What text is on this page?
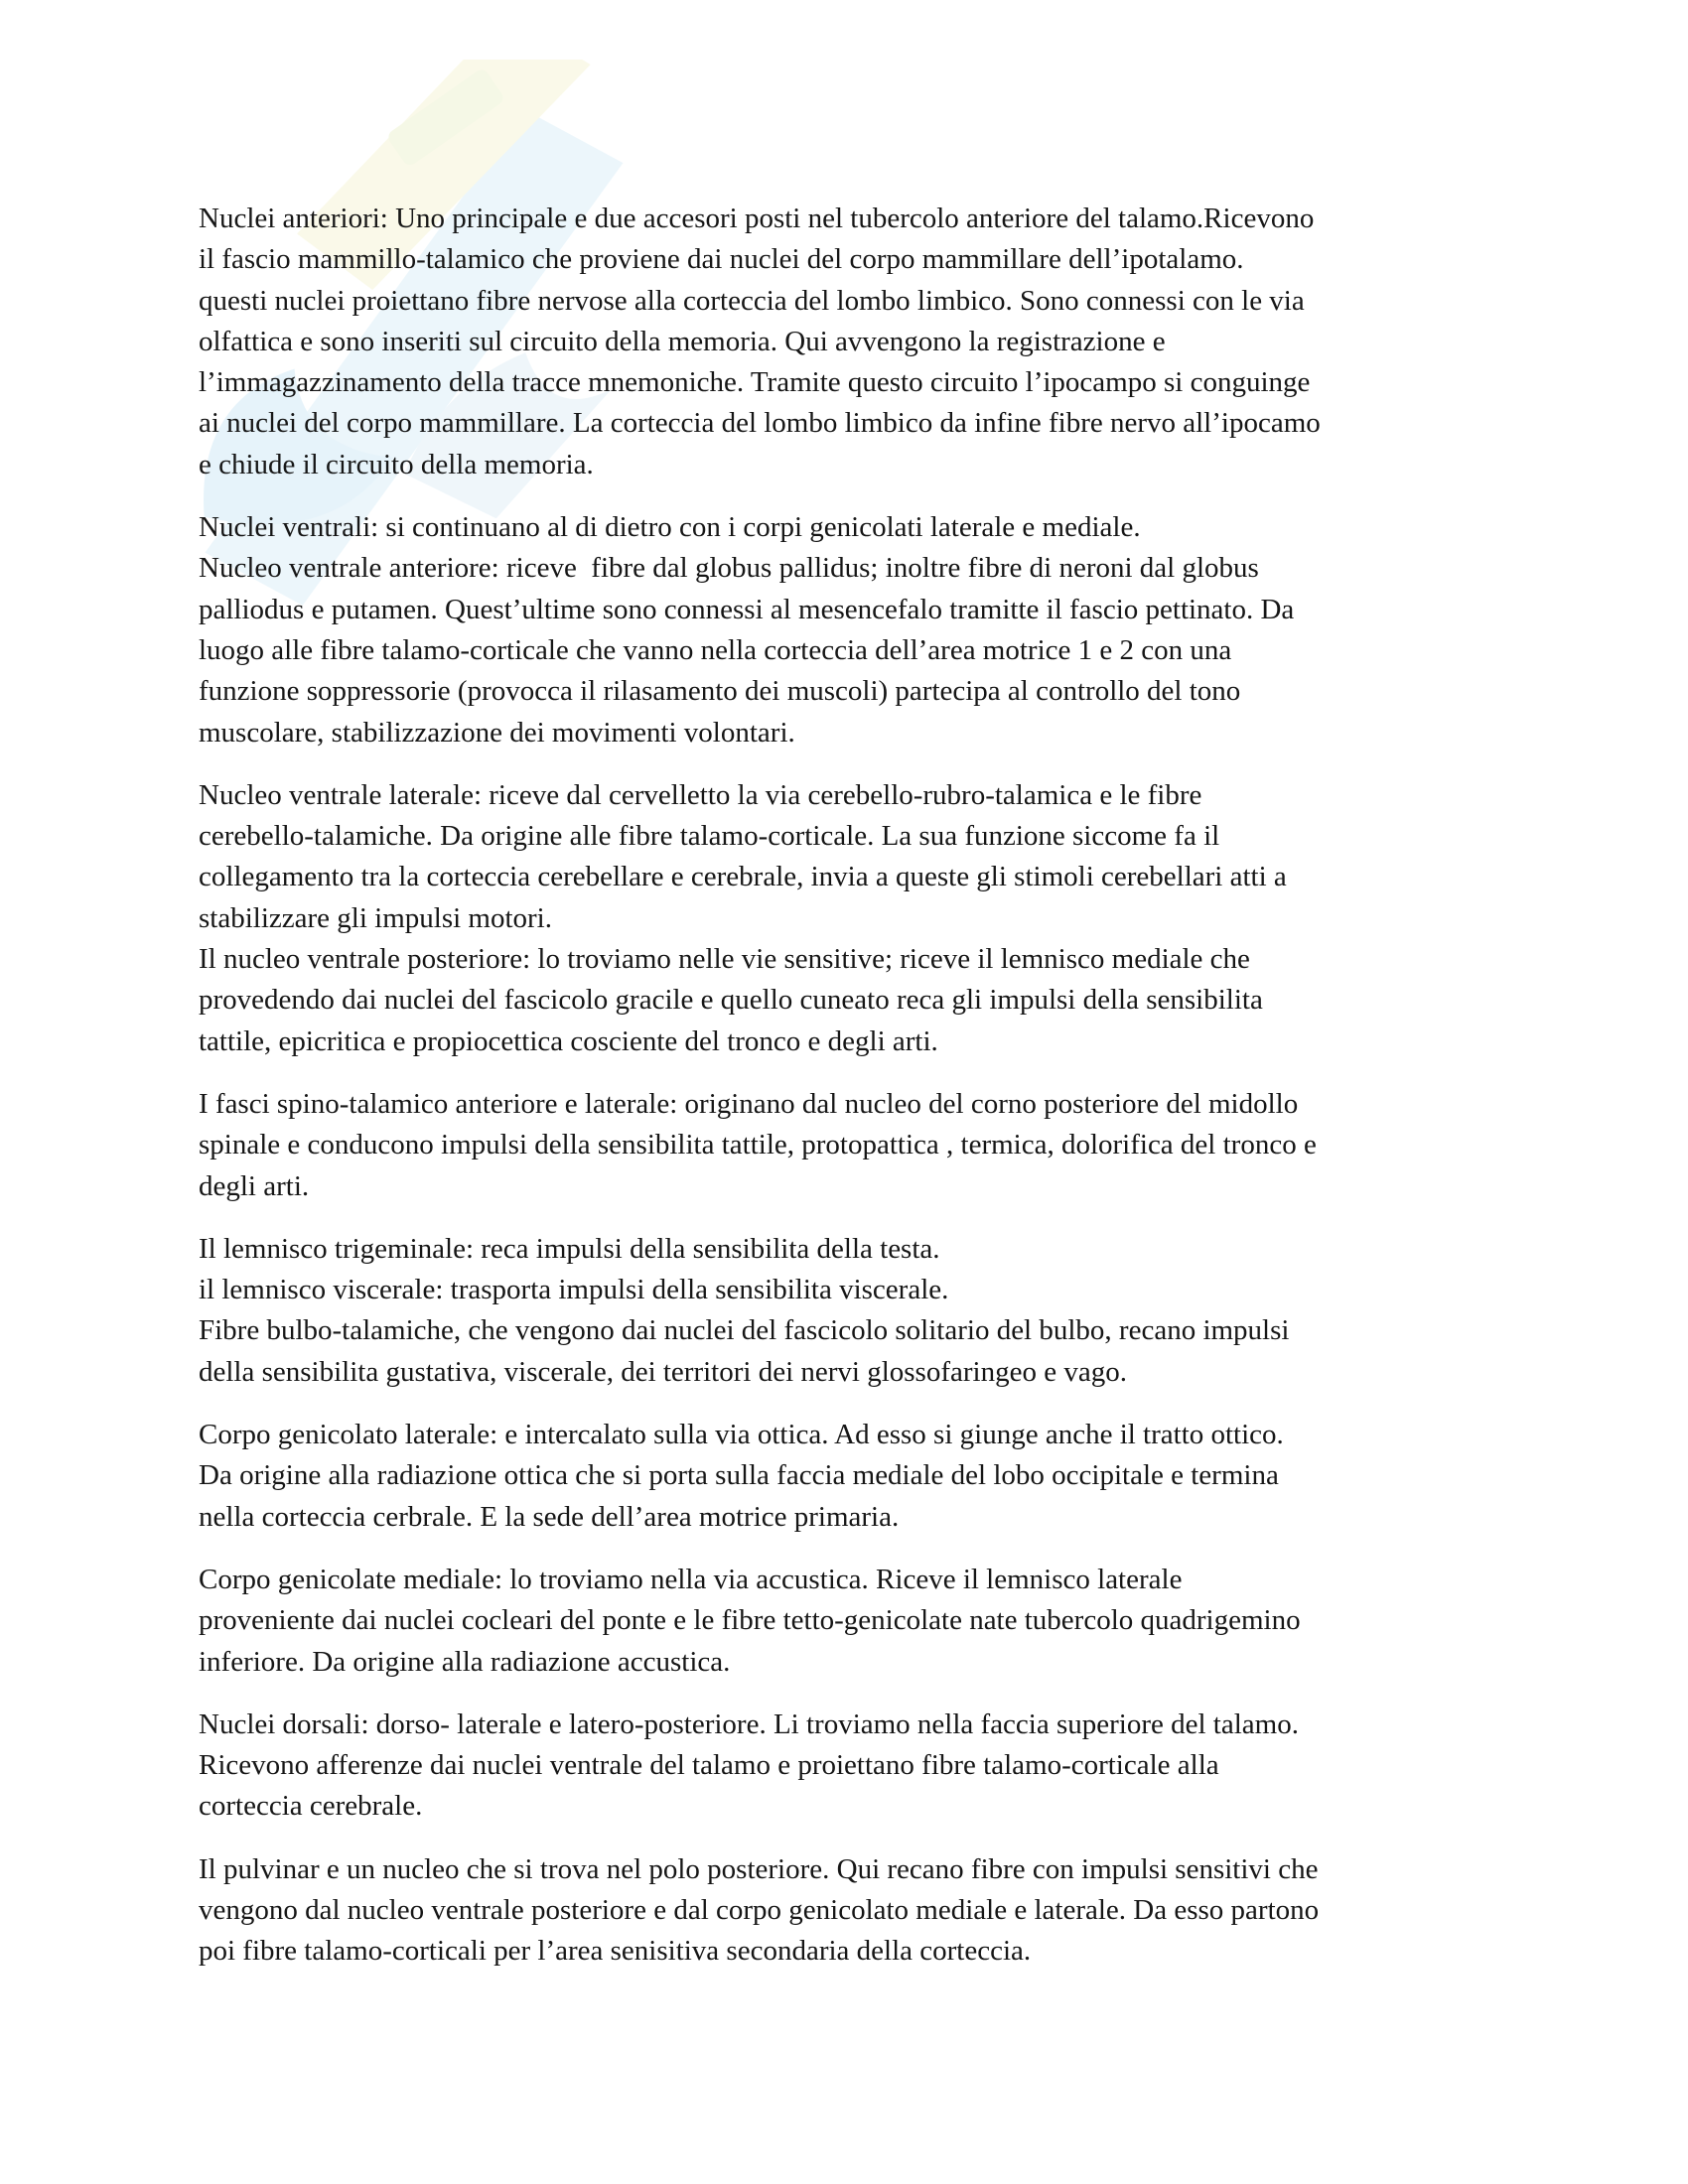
Nuclei anteriori: Uno principale e due accesori posti nel tubercolo anteriore del talamo.Ricevono
il fascio mammillo-talamico che proviene dai nuclei del corpo mammillare dell’ipotalamo.
questi nuclei proiettano fibre nervose alla corteccia del lombo limbico. Sono connessi con le via
olfattica e sono inseriti sul circuito della memoria. Qui avvengono la registrazione e
l’immagazzinamento della tracce mnemoniche. Tramite questo circuito l’ipocampo si conguinge
ai nuclei del corpo mammillare. La corteccia del lombo limbico da infine fibre nervo all’ipocamo
e chiude il circuito della memoria.

Nuclei ventrali: si continuano al di dietro con i corpi genicolati laterale e mediale.
Nucleo ventrale anteriore: riceve  fibre dal globus pallidus; inoltre fibre di neroni dal globus
palliodus e putamen. Quest’ultime sono connessi al mesencefalo tramitte il fascio pettinato. Da
luogo alle fibre talamo-corticale che vanno nella corteccia dell’area motrice 1 e 2 con una
funzione soppressorie (provocca il rilasamento dei muscoli) partecipa al controllo del tono
muscolare, stabilizzazione dei movimenti volontari.

Nucleo ventrale laterale: riceve dal cervelletto la via cerebello-rubro-talamica e le fibre
cerebello-talamiche. Da origine alle fibre talamo-corticale. La sua funzione siccome fa il
collegamento tra la corteccia cerebellare e cerebrale, invia a queste gli stimoli cerebellari atti a
stabilizzare gli impulsi motori.
Il nucleo ventrale posteriore: lo troviamo nelle vie sensitive; riceve il lemnisco mediale che
provedendo dai nuclei del fascicolo gracile e quello cuneato reca gli impulsi della sensibilita
tattile, epicritica e propiocettica cosciente del tronco e degli arti.

I fasci spino-talamico anteriore e laterale: originano dal nucleo del corno posteriore del midollo
spinale e conducono impulsi della sensibilita tattile, protopattica , termica, dolorifica del tronco e
degli arti.

Il lemnisco trigeminale: reca impulsi della sensibilita della testa.
il lemnisco viscerale: trasporta impulsi della sensibilita viscerale.
Fibre bulbo-talamiche, che vengono dai nuclei del fascicolo solitario del bulbo, recano impulsi
della sensibilita gustativa, viscerale, dei territori dei nervi glossofaringeo e vago.

Corpo genicolato laterale: e intercalato sulla via ottica. Ad esso si giunge anche il tratto ottico.
Da origine alla radiazione ottica che si porta sulla faccia mediale del lobo occipitale e termina
nella corteccia cerbrale. E la sede dell’area motrice primaria.

Corpo genicolate mediale: lo troviamo nella via accustica. Riceve il lemnisco laterale
proveniente dai nuclei cocleari del ponte e le fibre tetto-genicolate nate tubercolo quadrigemino
inferiore. Da origine alla radiazione accustica.

Nuclei dorsali: dorso- laterale e latero-posteriore. Li troviamo nella faccia superiore del talamo.
Ricevono afferenze dai nuclei ventrale del talamo e proiettano fibre talamo-corticale alla
corteccia cerebrale.

Il pulvinar e un nucleo che si trova nel polo posteriore. Qui recano fibre con impulsi sensitivi che
vengono dal nucleo ventrale posteriore e dal corpo genicolato mediale e laterale. Da esso partono
poi fibre talamo-corticali per l’area senisitiva secondaria della corteccia.
